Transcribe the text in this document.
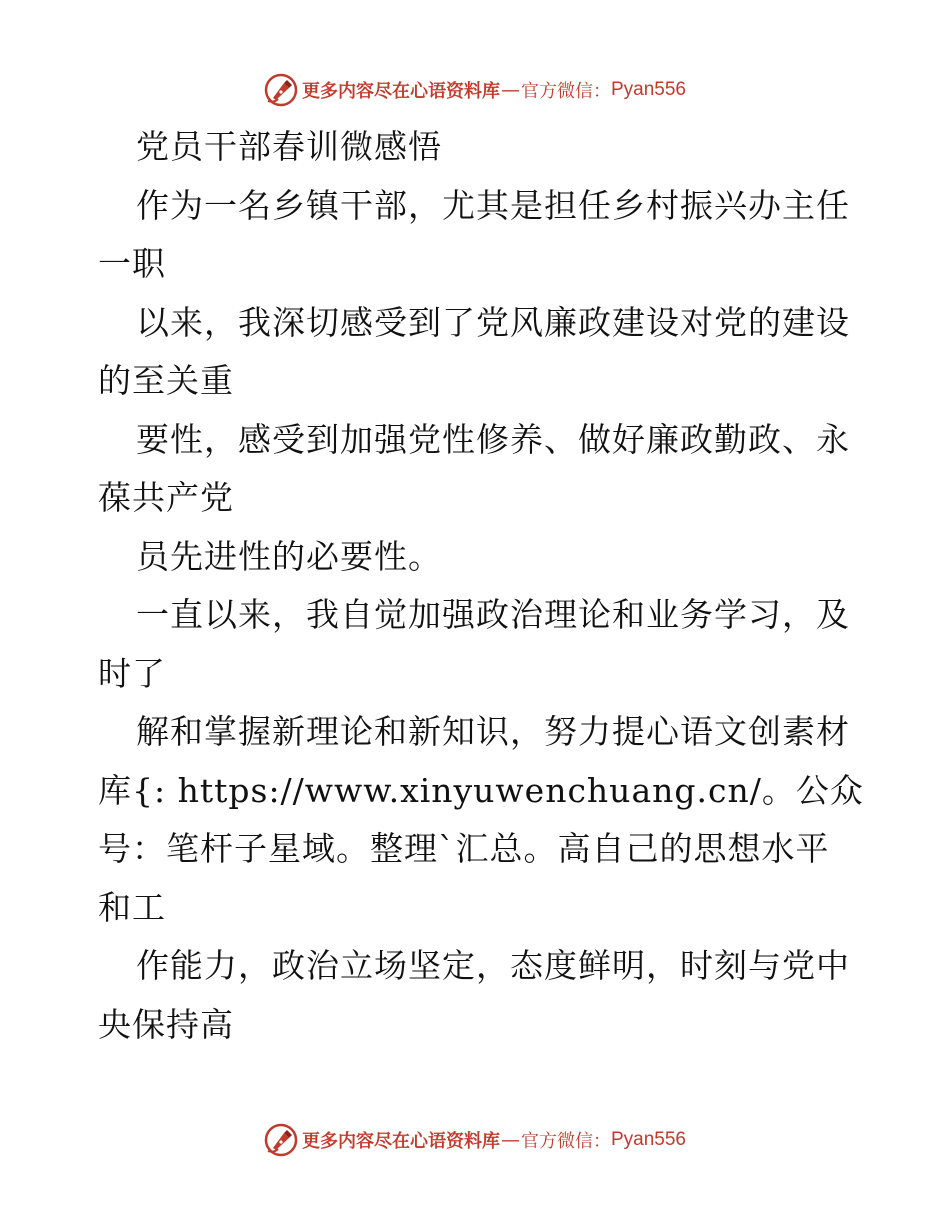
更多内容尽在心语资料库 — 官方微信： Pyan556
党员干部春训微感悟
作为一名乡镇干部，尤其是担任乡村振兴办主任
一职
以来，我深切感受到了党风廉政建设对党的建设
的至关重
要性，感受到加强党性修养、做好廉政勤政、永
葆共产党
员先进性的必要性。
一直以来，我自觉加强政治理论和业务学习，及
时了
解和掌握新理论和新知识，努力提心语文创素材
库{: https://www.xinyuwenchuang.cn/。公众
号：笔杆子星域。整理`汇总。高自己的思想水平
和工
作能力，政治立场坚定，态度鲜明，时刻与党中
央保持高
更多内容尽在心语资料库 — 官方微信： Pyan556
